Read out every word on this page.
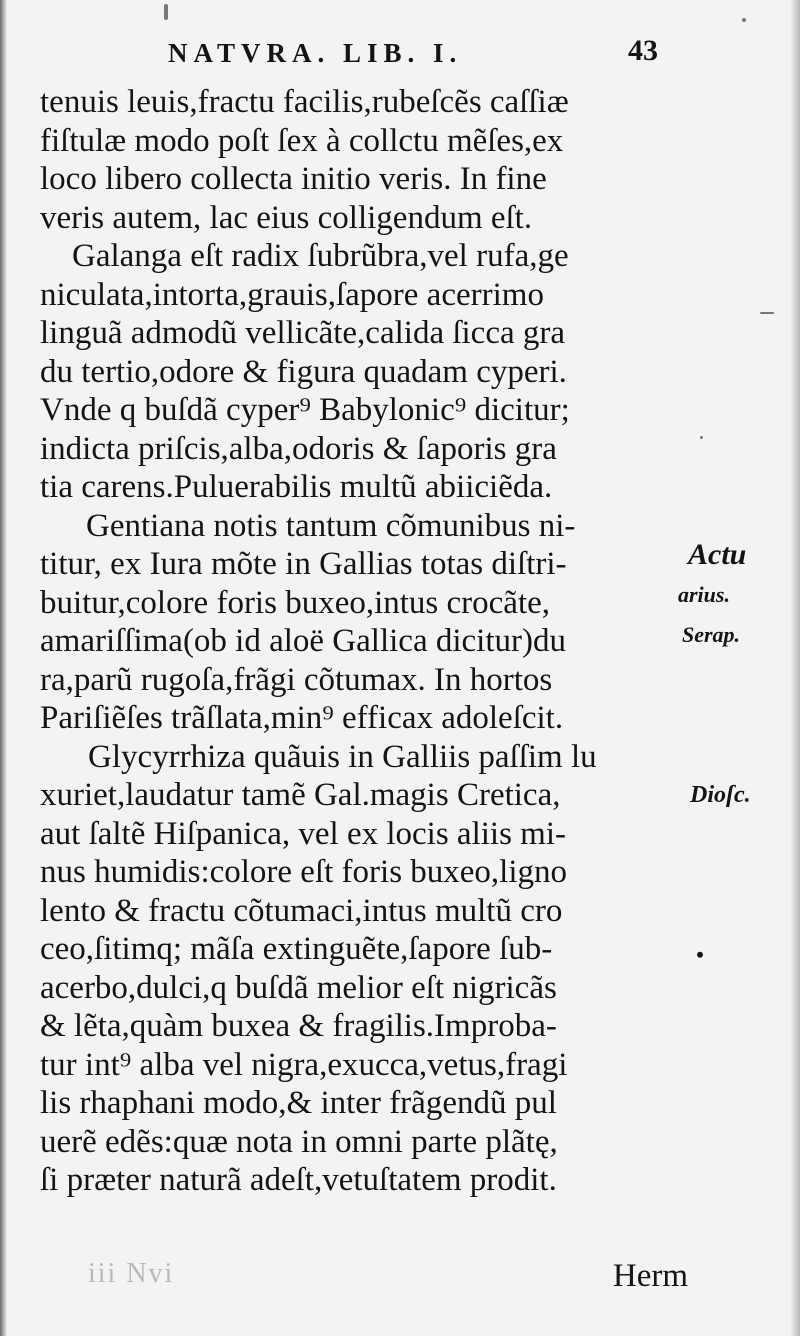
NATVRA. LIB. I.	43
tenuis leuis,fractu facilis,rubeſcẽs caſſiæ
fiſtulæ modo poſt ſex à collctu mẽſes,ex
loco libero collecta initio veris. In fine
veris autem, lac eius colligendum eſt.
Galanga eſt radix ſubrũbra,vel rufa,ge
niculata,intorta,grauis,ſapore acerrimo
linguã admodũ vellicãte,calida ſicca gra
du tertio,odore & figura quadam cyperi.
Vnde q buſdã cyper⁹ Babylonic⁹ dicitur;
indicta priſcis,alba,odoris & ſaporis gra
tia carens.Puluerabilis multũ abiiciẽda.
Gentiana notis tantum cõmunibus ni-
titur, ex Iura mõte in Gallias totas diſtri-
buitur,colore foris buxeo,intus crocãte,
amariſſima(ob id aloë Gallica dicitur)du
ra,parũ rugoſa,frãgi cõtumax. In hortos
Pariſiẽſes trãſlata,min⁹ efficax adoleſcit.
Glycyrrhiza quãuis in Galliis paſſim lu
xuriet,laudatur tamẽ Gal.magis Cretica,
aut ſaltẽ Hiſpanica, vel ex locis aliis mi-
nus humidis:colore eſt foris buxeo,ligno
lento & fractu cõtumaci,intus multũ cro
ceo,ſitimq; mãſa extinguẽte,ſapore ſub-
acerbo,dulci,q buſdã melior eſt nigricãs
& lẽta,quàm buxea & fragilis.Improba-
tur int⁹ alba vel nigra,exucca,vetus,fragi
lis rhaphani modo,& inter frãgendũ pul
uerẽ edẽs:quæ nota in omni parte plãtę,
ſi præter naturã adeſt,vetuſtatem prodit.
Actu
arius.
Serap.
Dioſc.
•
iii Nvi	Herm
